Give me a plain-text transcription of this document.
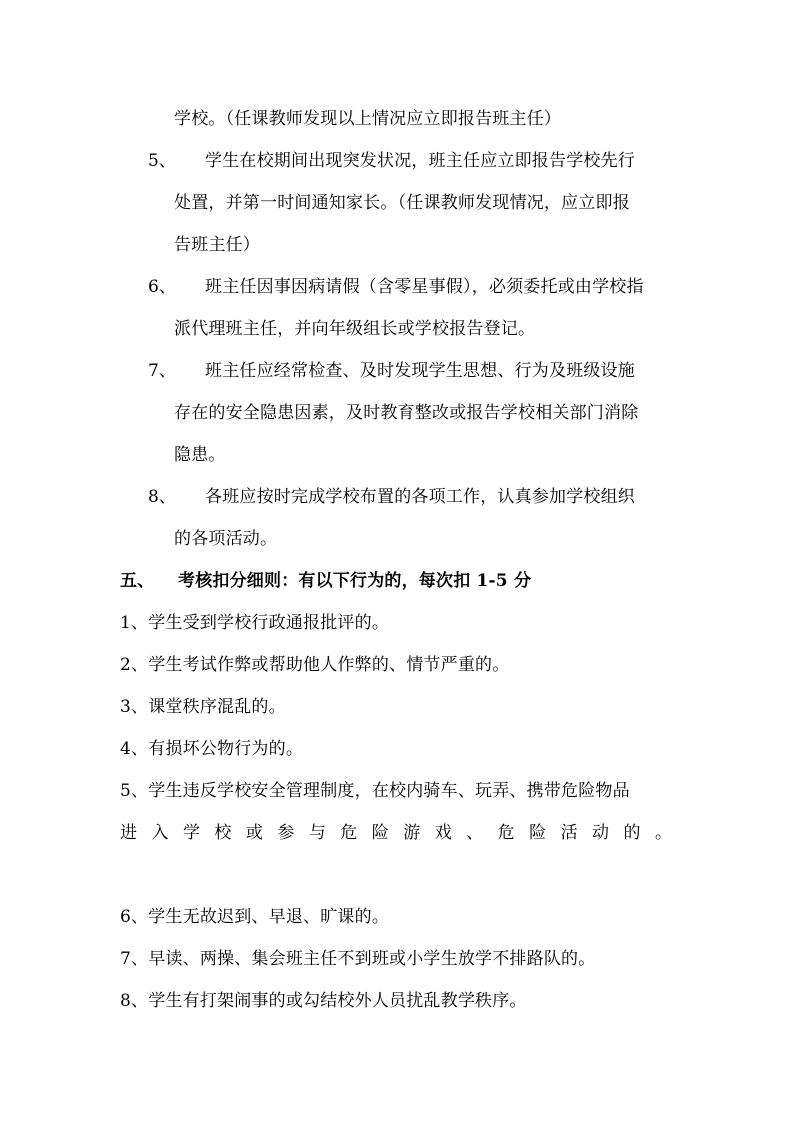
学校。（任课教师发现以上情况应立即报告班主任）
5、 学生在校期间出现突发状况，班主任应立即报告学校先行
处置，并第一时间通知家长。（任课教师发现情况，应立即报
告班主任）
6、 班主任因事因病请假（含零星事假），必须委托或由学校指
派代理班主任，并向年级组长或学校报告登记。
7、 班主任应经常检查、及时发现学生思想、行为及班级设施
存在的安全隐患因素，及时教育整改或报告学校相关部门消除
隐患。
8、 各班应按时完成学校布置的各项工作，认真参加学校组织
的各项活动。
五、 考核扣分细则：有以下行为的，每次扣 1-5 分
1、学生受到学校行政通报批评的。
2、学生考试作弊或帮助他人作弊的、情节严重的。
3、课堂秩序混乱的。
4、有损坏公物行为的。
5、学生违反学校安全管理制度，在校内骑车、玩弄、携带危险物品
进 入 学 校 或 参 与 危 险 游 戏 、 危 险 活 动 的 。
6、学生无故迟到、早退、旷课的。
7、早读、两操、集会班主任不到班或小学生放学不排路队的。
8、学生有打架闹事的或勾结校外人员扰乱教学秩序。
